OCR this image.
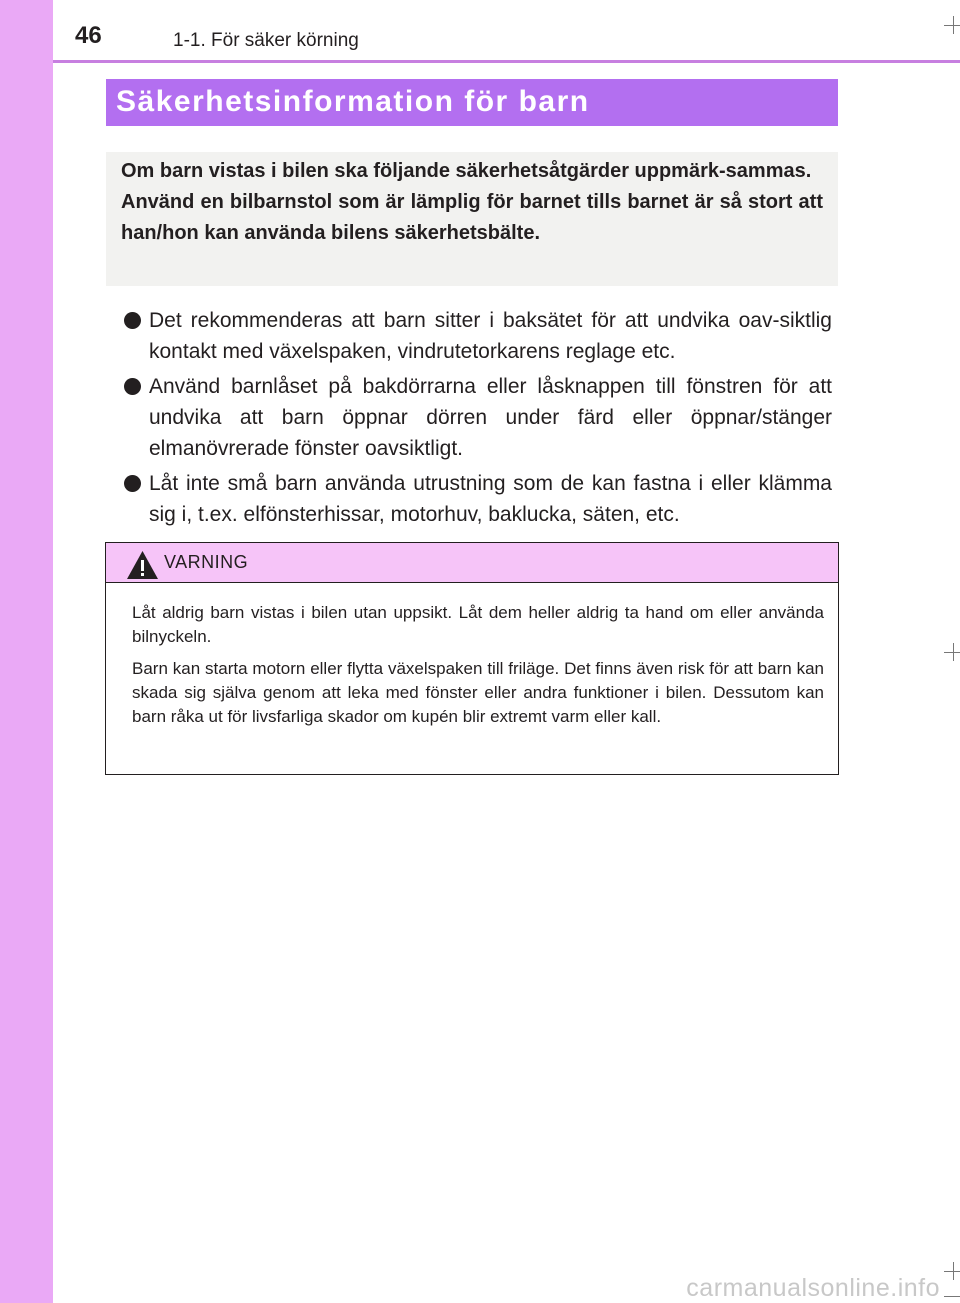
46	1-1. För säker körning
Säkerhetsinformation för barn

Om barn vistas i bilen ska följande säkerhetsåtgärder uppmärk-sammas.

Använd en bilbarnstol som är lämplig för barnet tills barnet är så stort att han/hon kan använda bilens säkerhetsbälte.

Det rekommenderas att barn sitter i baksätet för att undvika oav-siktlig kontakt med växelspaken, vindrutetorkarens reglage etc.
Använd barnlåset på bakdörrarna eller låsknappen till fönstren för att undvika att barn öppnar dörren under färd eller öppnar/stänger elmanövrerade fönster oavsiktligt.
Låt inte små barn använda utrustning som de kan fastna i eller klämma sig i, t.ex. elfönsterhissar, motorhuv, baklucka, säten, etc.
VARNING

Låt aldrig barn vistas i bilen utan uppsikt. Låt dem heller aldrig ta hand om eller använda bilnyckeln.

Barn kan starta motorn eller flytta växelspaken till friläge. Det finns även risk för att barn kan skada sig själva genom att leka med fönster eller andra funktioner i bilen. Dessutom kan barn råka ut för livsfarliga skador om kupén blir extremt varm eller kall.

carmanualsonline.info
